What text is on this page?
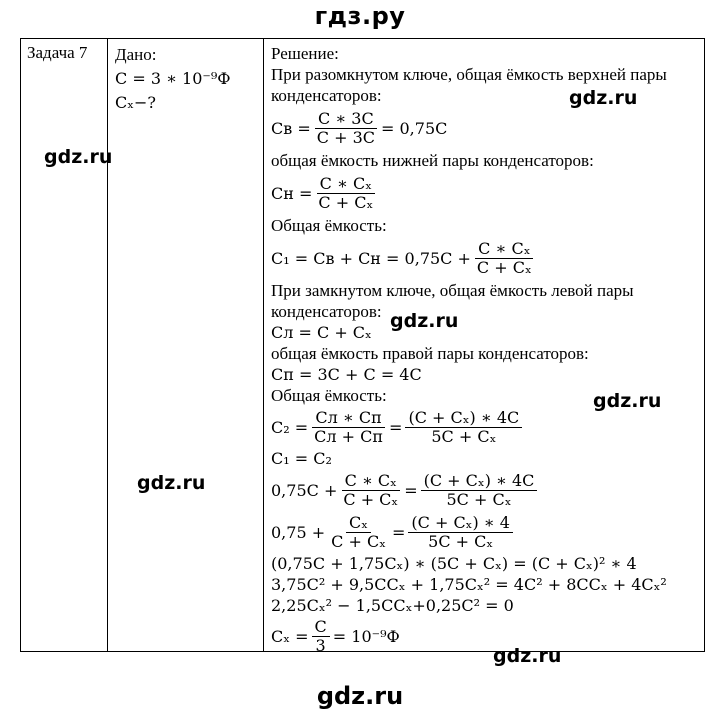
гдз.ру
Задача 7 Дано:
C = 3 ∗ 10⁻⁹Ф
Cₓ−?
Решение:
При разомкнутом ключе, общая ёмкость верхней пары
конденсаторов:
Cв = $\frac{C ∗ 3C}{C + 3C} = 0,75C$
общая ёмкость нижней пары конденсаторов:
Cн = $\frac{\text{C ∗ Cₓ}}{\text{C + Cₓ}}$
Общая ёмкость:
C₁ = Cв + Cн = $0,75C + \frac{\text{C ∗ Cₓ}}{\text{C + Cₓ}}$
При замкнутом ключе, общая ёмкость левой пары
конденсаторов:
Cл = C + Cₓ
общая ёмкость правой пары конденсаторов:
Cп = 3C + C = 4C
Общая ёмкость:
$C_2 = \frac{Cл ∗ Cп}{Cл + Cп} = \frac{\text{(C + Cₓ) ∗ 4C}}{\text{5C + Cₓ}}$
C₁ = C₂
$0,75C + \frac{\text{C ∗ Cₓ}}{\text{C + Cₓ}} = \frac{\text{(C + Cₓ) ∗ 4C}}{\text{5C + Cₓ}}$
$0,75 + \frac{\text{Cₓ}}{\text{C + Cₓ}} = \frac{\text{(C + Cₓ) ∗ 4}}{\text{5C + Cₓ}}$
(0,75C + 1,75Cₓ) ∗ (5C + Cₓ) = (C + Cₓ)² ∗ 4
3,75C² + 9,5CCₓ + 1,75Cₓ² = 4C² + 8CCₓ + 4Cₓ²
2,25Cₓ² − 1,5CCₓ+0,25C² = 0
$C_x = \frac{C}{3} = 10^{-9}Ф$
gdz.ru
gdz.ru
gdz.ru
gdz.ru
gdz.ru
gdz.ru
gdz.ru
